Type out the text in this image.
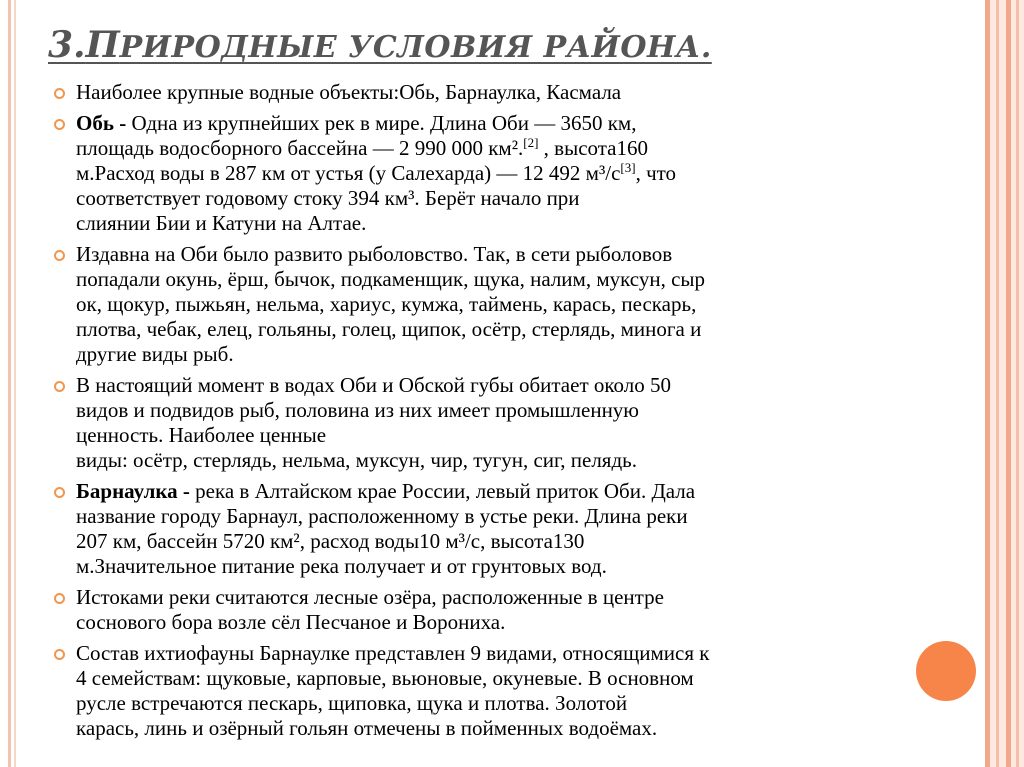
3.ПРИРОДНЫЕ УСЛОВИЯ РАЙОНА.
Наиболее крупные водные объекты:Обь, Барнаулка, Касмала
Обь - Одна из крупнейших рек в мире. Длина Оби — 3650 км,
площадь водосборного бассейна — 2 990 000 км².[2] , высота160
м.Расход воды в 287 км от устья (у Салехарда) — 12 492 м³/с[3], что
соответствует годовому стоку 394 км³. Берёт начало при
слиянии Бии и Катуни на Алтае.
Издавна на Оби было развито рыболовство. Так, в сети рыболовов
попадали окунь, ёрш, бычок, подкаменщик, щука, налим, муксун, сыр
ок, щокур, пыжьян, нельма, хариус, кумжа, таймень, карась, пескарь,
плотва, чебак, елец, гольяны, голец, щипок, осётр, стерлядь, минога и
другие виды рыб.
В настоящий момент в водах Оби и Обской губы обитает около 50
видов и подвидов рыб, половина из них имеет промышленную
ценность. Наиболее ценные
виды: осётр, стерлядь, нельма, муксун, чир, тугун, сиг, пелядь.
Барнаулка - река в Алтайском крае России, левый приток Оби. Дала
название городу Барнаул, расположенному в устье реки. Длина реки
207 км, бассейн 5720 км², расход воды10 м³/с, высота130
м.Значительное питание река получает и от грунтовых вод.
Истоками реки считаются лесные озёра, расположенные в центре
соснового бора возле сёл Песчаное и Ворониха.
Состав ихтиофауны Барнаулке представлен 9 видами, относящимися к
4 семействам: щуковые, карповые, вьюновые, окуневые. В основном
русле встречаются пескарь, щиповка, щука и плотва. Золотой
карась, линь и озёрный гольян отмечены в пойменных водоёмах.
